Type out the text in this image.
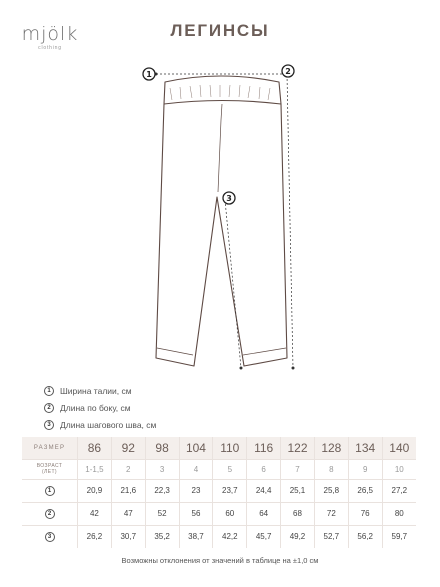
mjölk
clothing
ЛЕГИНСЫ
1	2
3
1	Ширина талии, см
2	Длина по боку, см
3	Длина шагового шва, см
РАЗМЕР	86	92	98	104	110	116	122	128	134	140
ВОЗРАСТ
(ЛЕТ)	1-1,5	2	3	4	5	6	7	8	9	10

1	20,9	21,6	22,3	23	23,7	24,4	25,1	25,8	26,5	27,2

2	42	47	52	56	60	64	68	72	76	80

3	26,2	30,7	35,2	38,7	42,2	45,7	49,2	52,7	56,2	59,7
Возможны отклонения от значений в таблице на ±1,0 см
